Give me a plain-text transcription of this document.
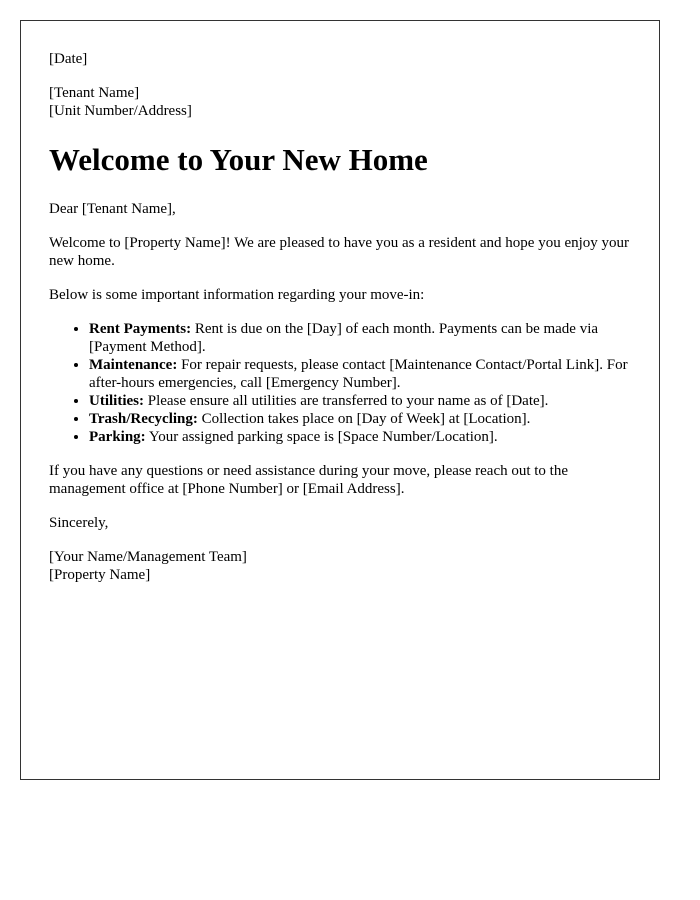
[Date]

[Tenant Name]
[Unit Number/Address]
Welcome to Your New Home

Dear [Tenant Name],

Welcome to [Property Name]! We are pleased to have you as a resident and hope you enjoy your new home.

Below is some important information regarding your move-in:

• Rent Payments: Rent is due on the [Day] of each month. Payments can be made via [Payment Method].
• Maintenance: For repair requests, please contact [Maintenance Contact/Portal Link]. For after-hours emergencies, call [Emergency Number].
• Utilities: Please ensure all utilities are transferred to your name as of [Date].
• Trash/Recycling: Collection takes place on [Day of Week] at [Location].
• Parking: Your assigned parking space is [Space Number/Location].

If you have any questions or need assistance during your move, please reach out to the management office at [Phone Number] or [Email Address].

Sincerely,

[Your Name/Management Team]
[Property Name]
